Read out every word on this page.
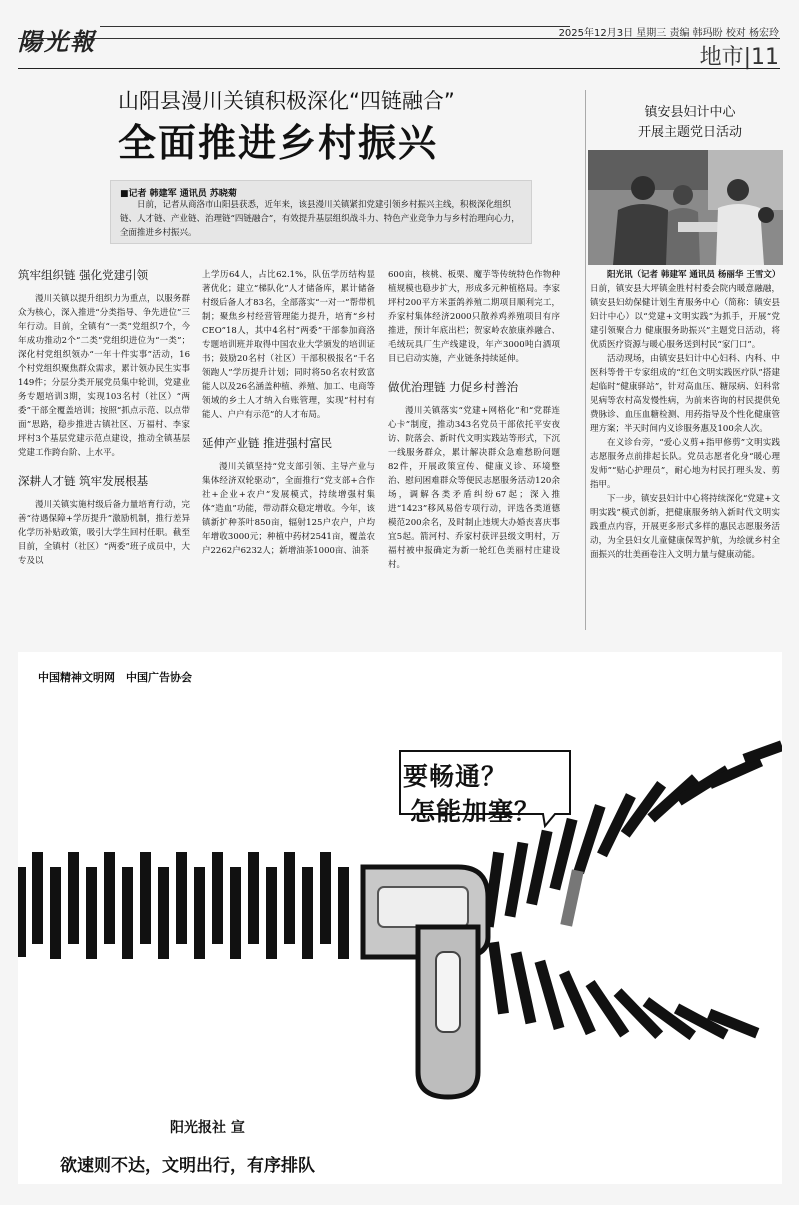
陽光報	2025年12月3日 星期三 责编 韩玛盼 校对 杨宏玲
地市|11
山阳县漫川关镇积极深化“四链融合”
全面推进乡村振兴
■记者 韩建军 通讯员 苏晓菊
日前，记者从商洛市山阳县获悉，近年来，该县漫川关镇紧扣党建引领乡村振兴主线，积极深化组织链、人才链、产业链、治理链“四链融合”，有效提升基层组织战斗力、特色产业竞争力与乡村治理向心力，全面推进乡村振兴。
筑牢组织链 强化党建引领

漫川关镇以提升组织力为重点，以服务群众为核心，深入推进“分类指导、争先进位”三年行动。目前，全镇有“一类”党组织7个，今年成功推动2个“二类”党组织进位为“一类”；深化村党组织领办“一年十件实事”活动，16个村党组织聚焦群众需求，累计领办民生实事149件；分层分类开展党员集中轮训，党建业务专题培训3期，实现103名村（社区）“两委”干部全覆盖培训；按照“抓点示范、以点带面”思路，稳步推进古镇社区、万福村、李家坪村3个基层党建示范点建设，推动全镇基层党建工作跨台阶、上水平。

深耕人才链 筑牢发展根基

漫川关镇实施村级后备力量培育行动，完善“待遇保障+学历提升”激励机制，推行差异化学历补贴政策，吸引大学生回村任职。截至目前，全镇村（社区）“两委”班子成员中，大专及以

上学历64人，占比62.1%，队伍学历结构显著优化；建立“梯队化”人才储备库，累计储备村级后备人才83名，全部落实“一对一”帮带机制；聚焦乡村经营管理能力提升，培育“乡村CEO”18人，其中4名村“两委”干部参加商洛专题培训班并取得中国农业大学颁发的培训证书；鼓励20名村（社区）干部积极报名“千名领跑人”学历提升计划；同时将50名农村致富能人以及26名涵盖种植、养殖、加工、电商等领域的乡土人才纳入台账管理，实现“村村有能人、户户有示范”的人才布局。

延伸产业链 推进强村富民

漫川关镇坚持“党支部引领、主导产业与集体经济双轮驱动”，全面推行“党支部+合作社+企业+农户”发展模式，持续增强村集体“造血”功能，带动群众稳定增收。今年，该镇新扩种茶叶850亩，辐射125户农户，户均年增收3000元；种植中药材2541亩，覆盖农户2262户6232人；新增油茶1000亩、油茶

600亩，核桃、板栗、魔芋等传统特色作物种植规模也稳步扩大，形成多元种植格局。李家坪村200平方米蛋鸽养殖二期项目顺利完工，乔家村集体经济2000只散养鸡养殖项目有序推进，预计年底出栏；贺家岭农旅康养融合、毛绒玩具厂生产线建设，年产3000吨白酒项目已启动实施，产业链条持续延伸。

做优治理链 力促乡村善治

漫川关镇落实“党建+网格化”和“党群连心卡”制度，推动343名党员干部依托平安夜访、院落会、新时代文明实践站等形式，下沉一线服务群众，累计解决群众急难愁盼问题82件，开展政策宣传、健康义诊、环境整治、慰问困难群众等便民志愿服务活动120余场，调解各类矛盾纠纷67起；深入推进“1423”移风易俗专项行动，评选各类道德模范200余名，及时制止违规大办婚丧喜庆事宜5起。箭河村、乔家村获评县级文明村，万福村被申报确定为新一轮红色美丽村庄建设村。

镇安县妇计中心
开展主题党日活动

阳光讯（记者 韩建军 通讯员 杨丽华 王雪文）日前，镇安县大坪镇金胜村村委会院内暖意融融，镇安县妇幼保健计划生育服务中心（简称：镇安县妇计中心）以“党建+文明实践”为抓手，开展“党建引领聚合力 健康服务助振兴”主题党日活动，将优质医疗资源与暖心服务送到村民“家门口”。

活动现场，由镇安县妇计中心妇科、内科、中医科等骨干专家组成的“红色文明实践医疗队”搭建起临时“健康驿站”，针对高血压、糖尿病、妇科常见病等农村高发慢性病，为前来咨询的村民提供免费脉诊、血压血糖检测、用药指导及个性化健康管理方案；半天时间内义诊服务惠及100余人次。

在义诊台旁，“爱心义剪+指甲修剪”文明实践志愿服务点前排起长队。党员志愿者化身“暖心理发师”“贴心护理员”，耐心地为村民打理头发、剪指甲。

下一步，镇安县妇计中心将持续深化“党建+文明实践”模式创新，把健康服务纳入新时代文明实践重点内容，开展更多形式多样的惠民志愿服务活动，为全县妇女儿童健康保驾护航，为绘就乡村全面振兴的壮美画卷注入文明力量与健康动能。

中国精神文明网　中国广告协会
要畅通？
怎能加塞？
阳光报社 宣
欲速则不达，文明出行，有序排队
